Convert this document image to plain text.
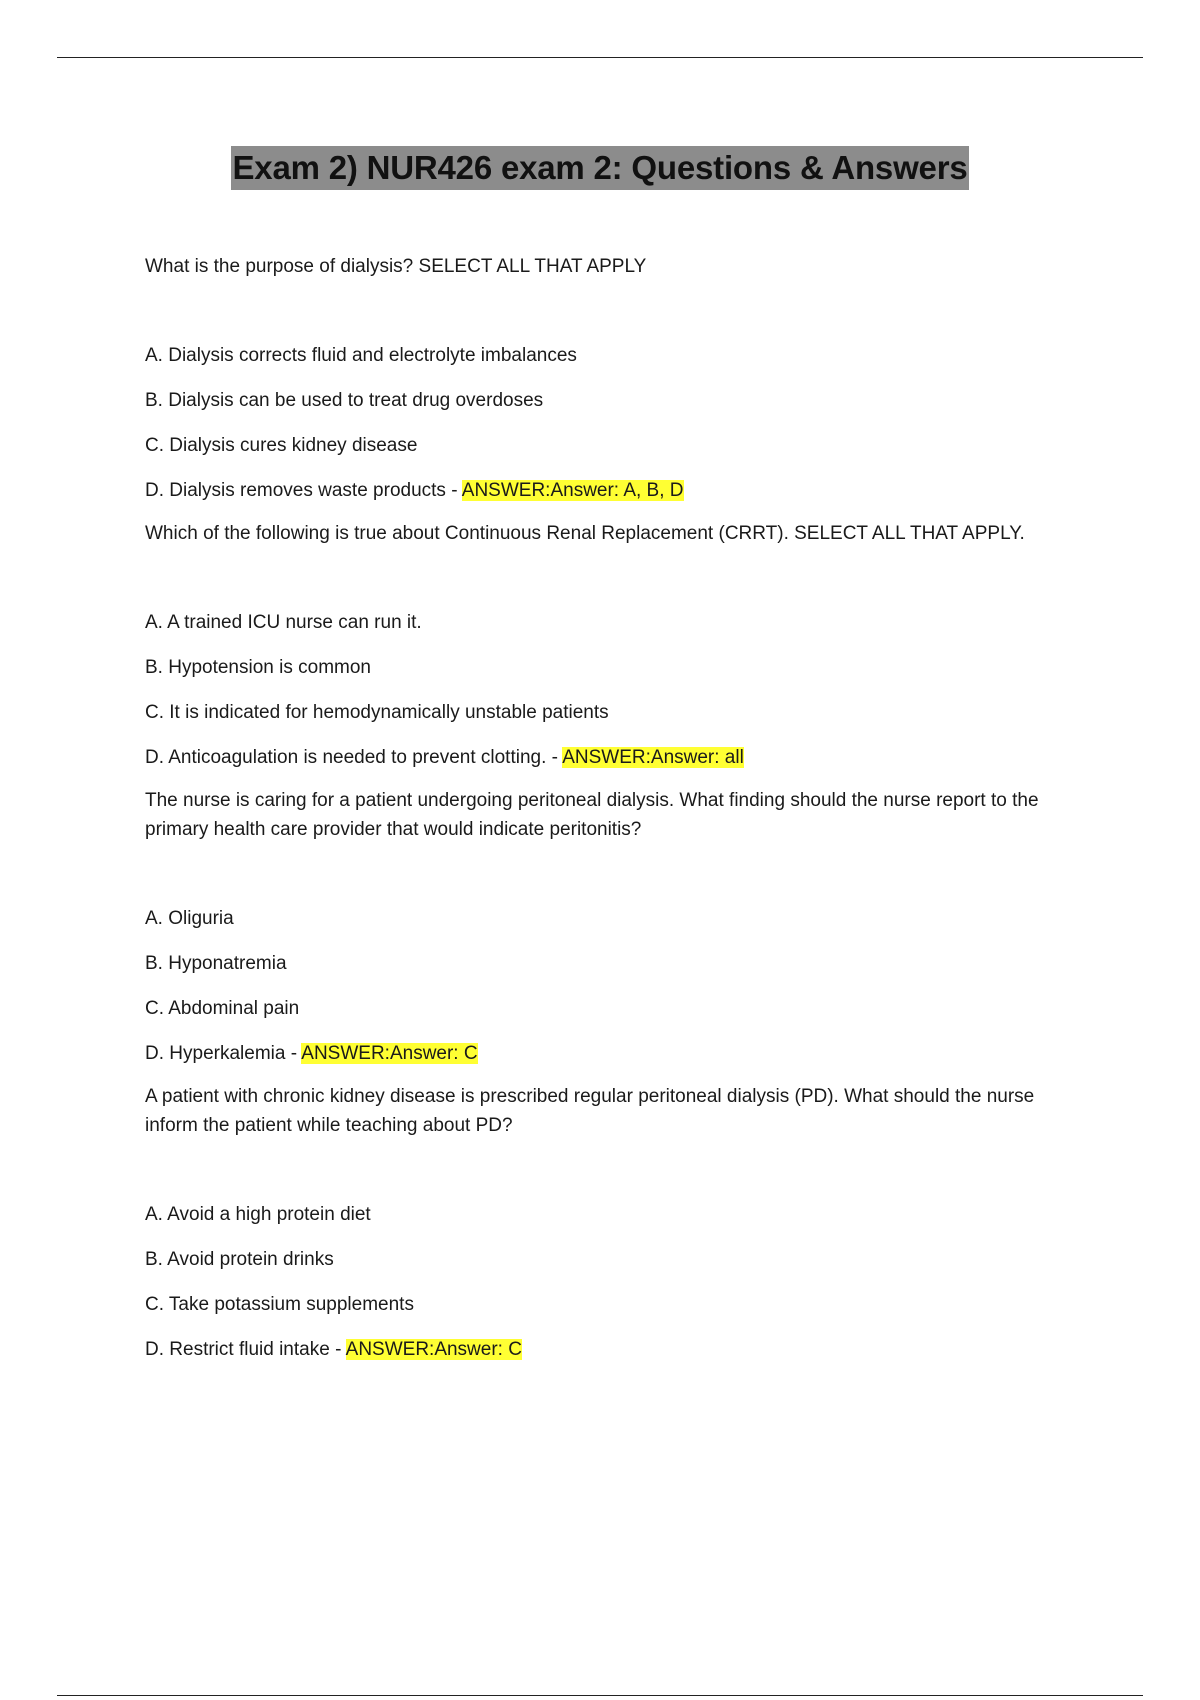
Exam 2) NUR426 exam 2: Questions & Answers

What is the purpose of dialysis? SELECT ALL THAT APPLY

A. Dialysis corrects fluid and electrolyte imbalances

B. Dialysis can be used to treat drug overdoses

C. Dialysis cures kidney disease

D. Dialysis removes waste products - ANSWER:Answer: A, B, D

Which of the following is true about Continuous Renal Replacement (CRRT). SELECT ALL THAT APPLY.

A. A trained ICU nurse can run it.

B. Hypotension is common

C. It is indicated for hemodynamically unstable patients

D. Anticoagulation is needed to prevent clotting. - ANSWER:Answer: all

The nurse is caring for a patient undergoing peritoneal dialysis. What finding should the nurse report to the primary health care provider that would indicate peritonitis?

A. Oliguria

B. Hyponatremia

C. Abdominal pain

D. Hyperkalemia - ANSWER:Answer: C

A patient with chronic kidney disease is prescribed regular peritoneal dialysis (PD). What should the nurse inform the patient while teaching about PD?

A. Avoid a high protein diet

B. Avoid protein drinks

C. Take potassium supplements

D. Restrict fluid intake - ANSWER:Answer: C
